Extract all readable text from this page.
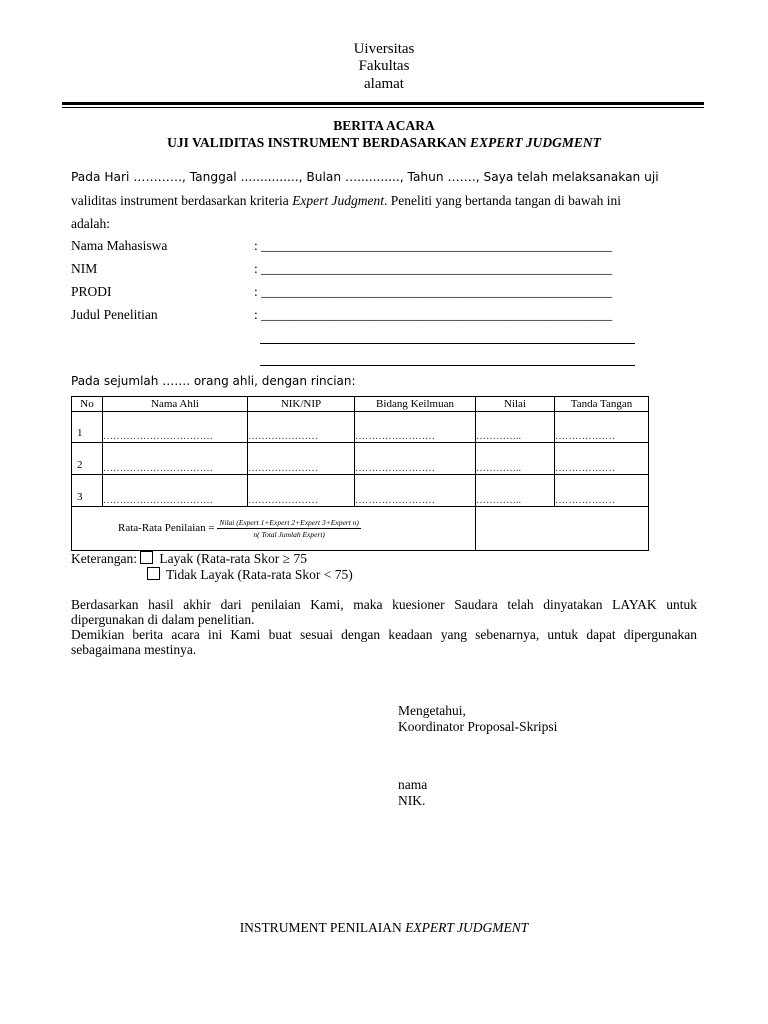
Uiversitas
Fakultas
alamat
BERITA ACARA
UJI VALIDITAS INSTRUMENT BERDASARKAN EXPERT JUDGMENT
Pada Hari …………, Tanggal ..............., Bulan …..........., Tahun ……., Saya telah melaksanakan uji
validitas instrument berdasarkan kriteria Expert Judgment. Peneliti yang bertanda tangan di bawah ini
adalah:
Nama Mahasiswa	: ____________________________________________________
NIM	: ____________________________________________________
PRODI	: ____________________________________________________
Judul Penelitian	: ____________________________________________________
Pada sejumlah ……. orang ahli, dengan rincian:
No	Nama Ahli	NIK/NIP	Bidang Keilmuan	Nilai	Tanda Tangan
1	……………………………	…………………	……………………	…………..	………………
2	……………………………	…………………	……………………	…………..	………………
3	……………………………	…………………	……………………	…………..	………………
Rata-Rata Penilaian = $\frac{\text{Nilai (Expert 1+Expert 2+Expert 3+Expert n)}}{\text{n( Total Jumlah Expert)}}$

Keterangan: Layak (Rata-rata Skor ≥ 75
Tidak Layak (Rata-rata Skor < 75)
Berdasarkan hasil akhir dari penilaian Kami, maka kuesioner Saudara telah dinyatakan LAYAK untuk dipergunakan di dalam penelitian.
Demikian berita acara ini Kami buat sesuai dengan keadaan yang sebenarnya, untuk dapat dipergunakan sebagaimana mestinya.
Mengetahui,
Koordinator Proposal-Skripsi
nama
NIK.
INSTRUMENT PENILAIAN EXPERT JUDGMENT
